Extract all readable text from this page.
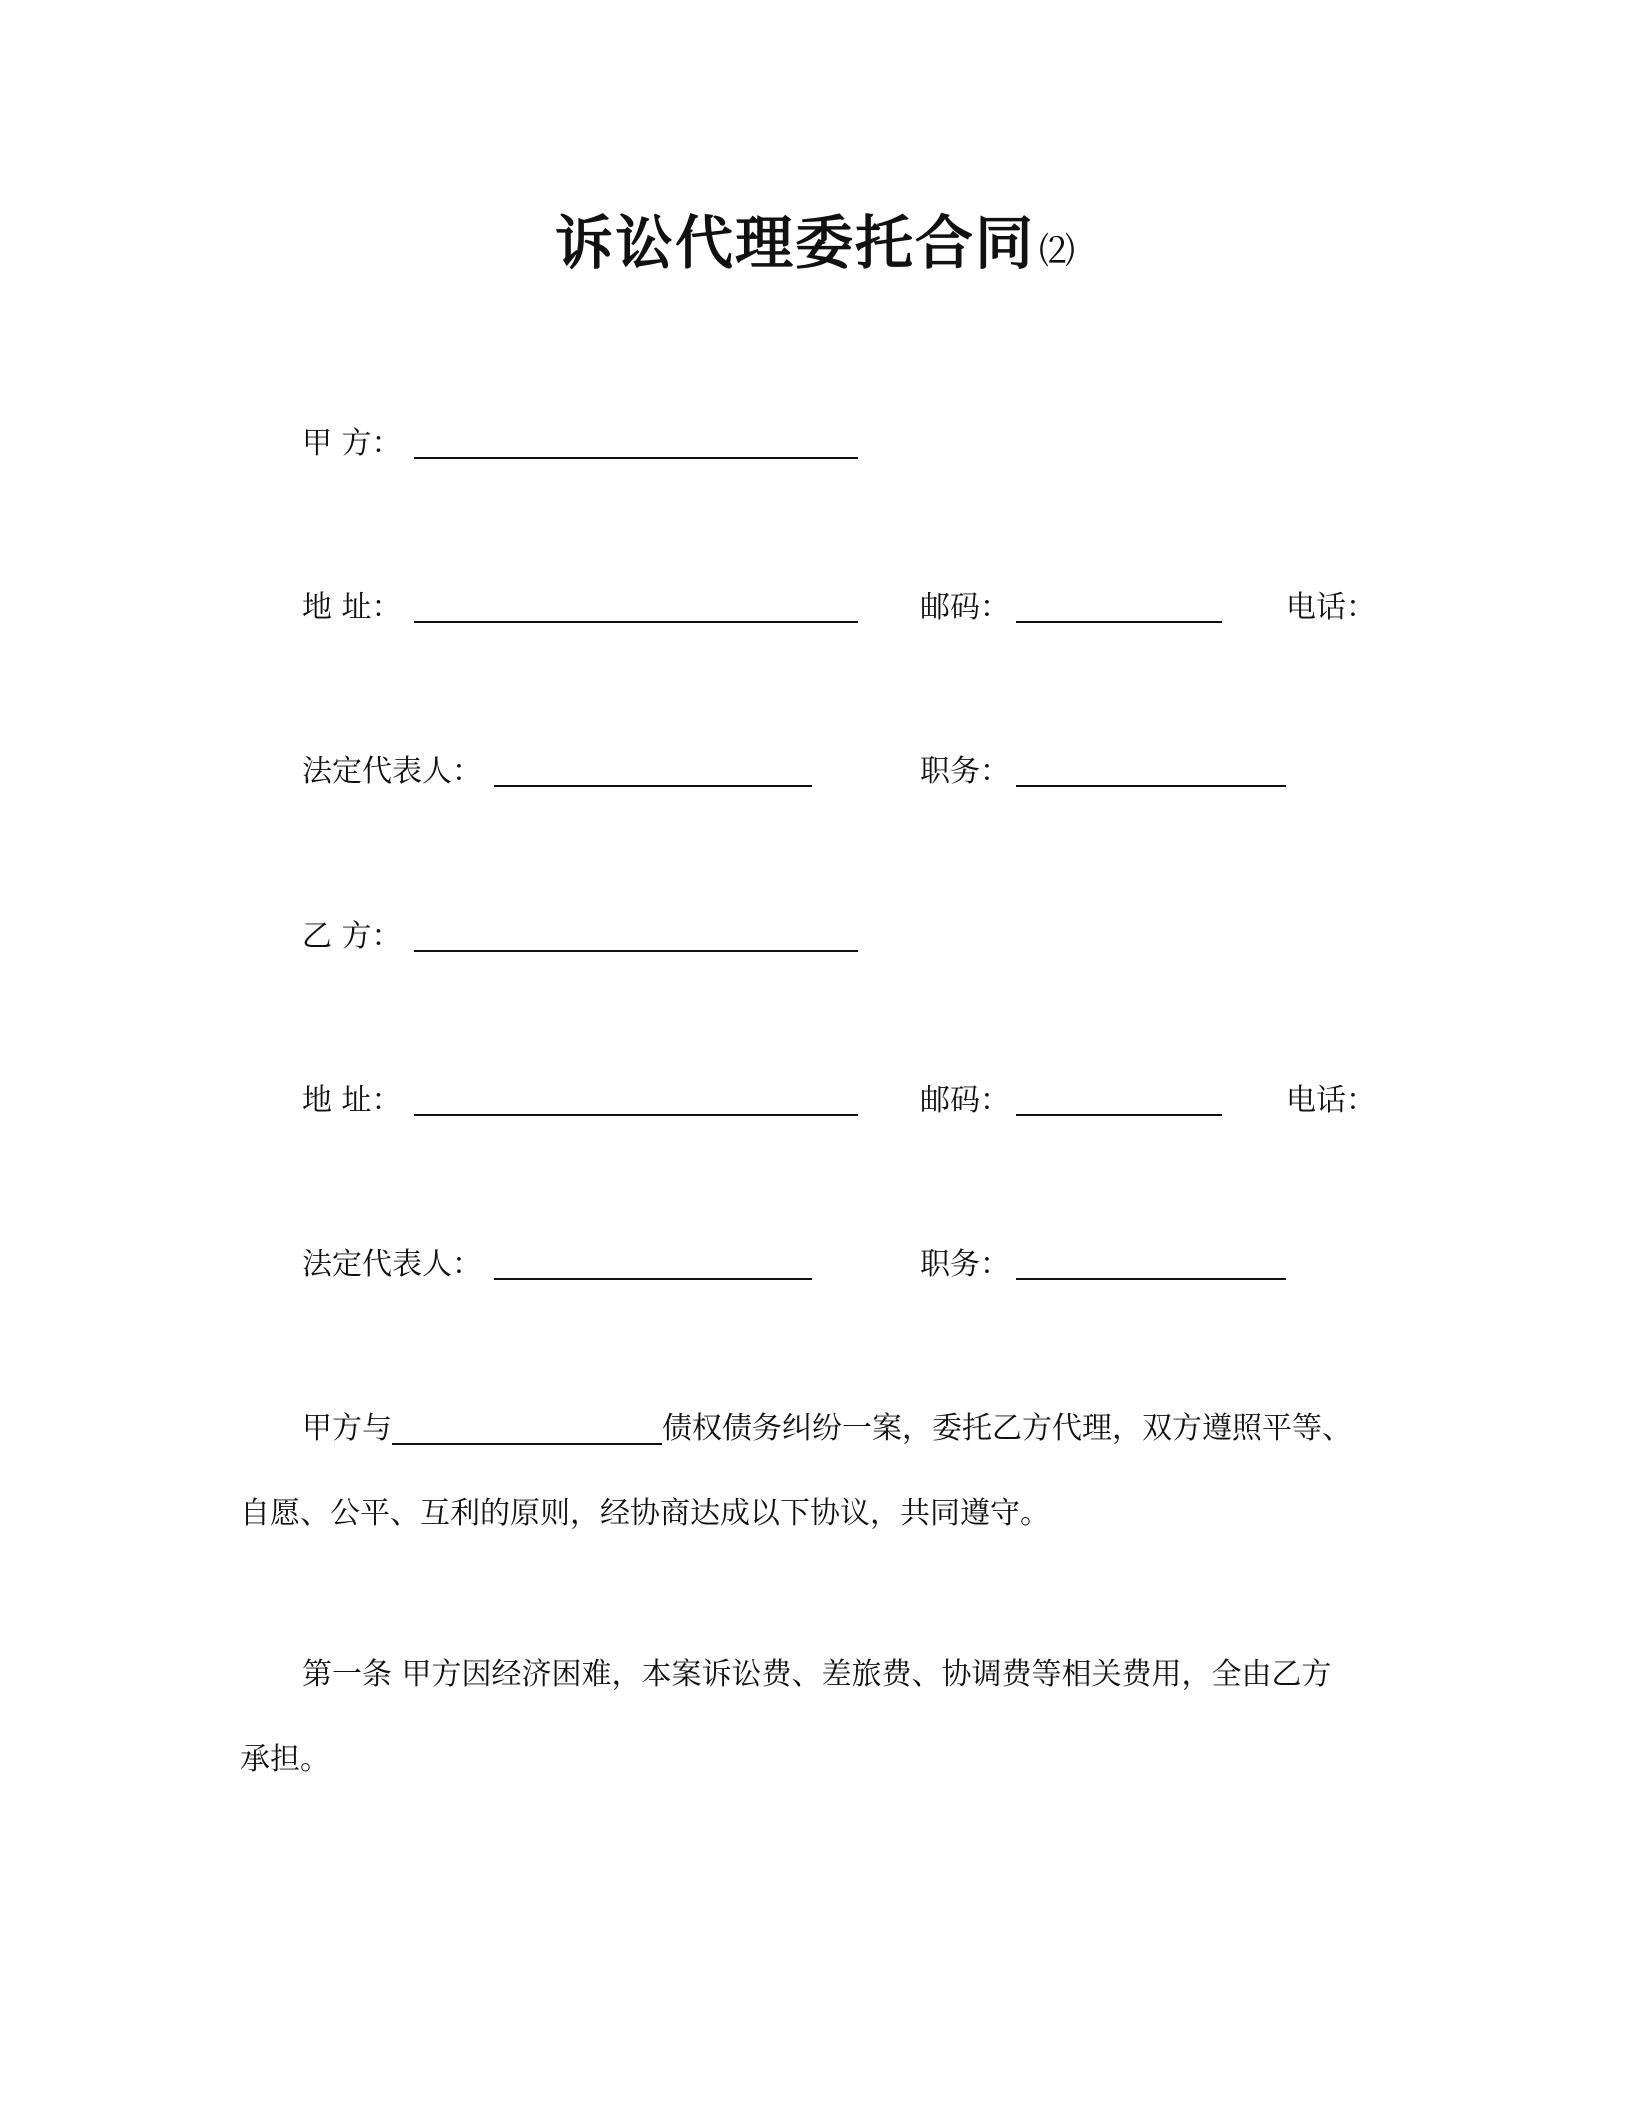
诉讼代理委托合同 ⑵
甲 方：
地 址：	邮码：	电话：
法定代表人：	职务：
乙 方：
地 址：	邮码：	电话：
法定代表人：	职务：
甲方与	债权债务纠纷一案，委托乙方代理，双方遵照平等、
自愿、公平、互利的原则，经协商达成以下协议，共同遵守。
第一条 甲方因经济困难，本案诉讼费、差旅费、协调费等相关费用，全由乙方
承担。
